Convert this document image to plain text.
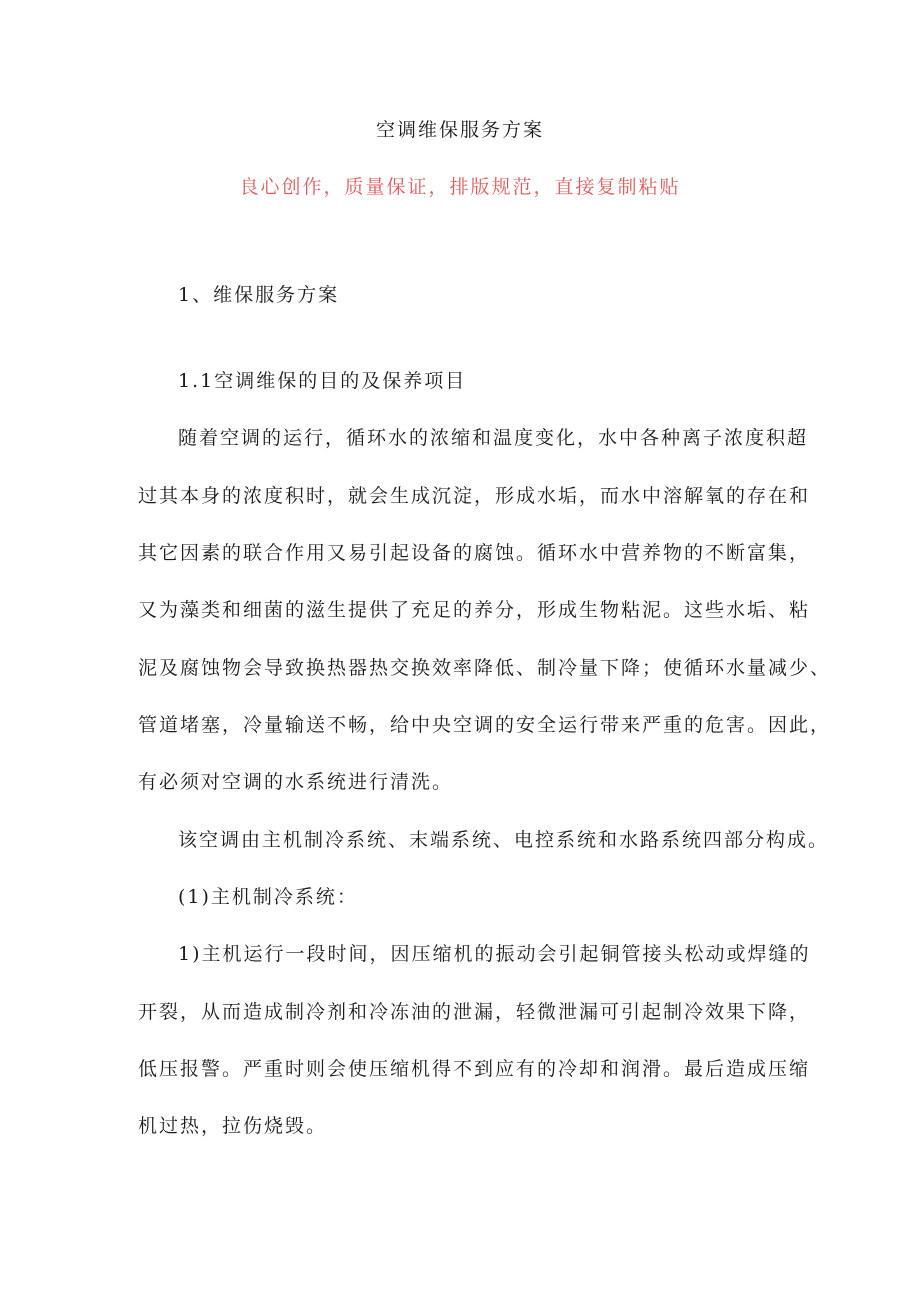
空调维保服务方案
良心创作，质量保证，排版规范，直接复制粘贴
1、维保服务方案
1.1空调维保的目的及保养项目
随着空调的运行，循环水的浓缩和温度变化，水中各种离子浓度积超
过其本身的浓度积时，就会生成沉淀，形成水垢，而水中溶解氧的存在和
其它因素的联合作用又易引起设备的腐蚀。循环水中营养物的不断富集，
又为藻类和细菌的滋生提供了充足的养分，形成生物粘泥。这些水垢、粘
泥及腐蚀物会导致换热器热交换效率降低、制冷量下降；使循环水量减少、
管道堵塞，冷量输送不畅，给中央空调的安全运行带来严重的危害。因此，
有必须对空调的水系统进行清洗。
该空调由主机制冷系统、末端系统、电控系统和水路系统四部分构成。
(1)主机制冷系统：
1)主机运行一段时间，因压缩机的振动会引起铜管接头松动或焊缝的
开裂，从而造成制冷剂和冷冻油的泄漏，轻微泄漏可引起制冷效果下降，
低压报警。严重时则会使压缩机得不到应有的冷却和润滑。最后造成压缩
机过热，拉伤烧毁。
